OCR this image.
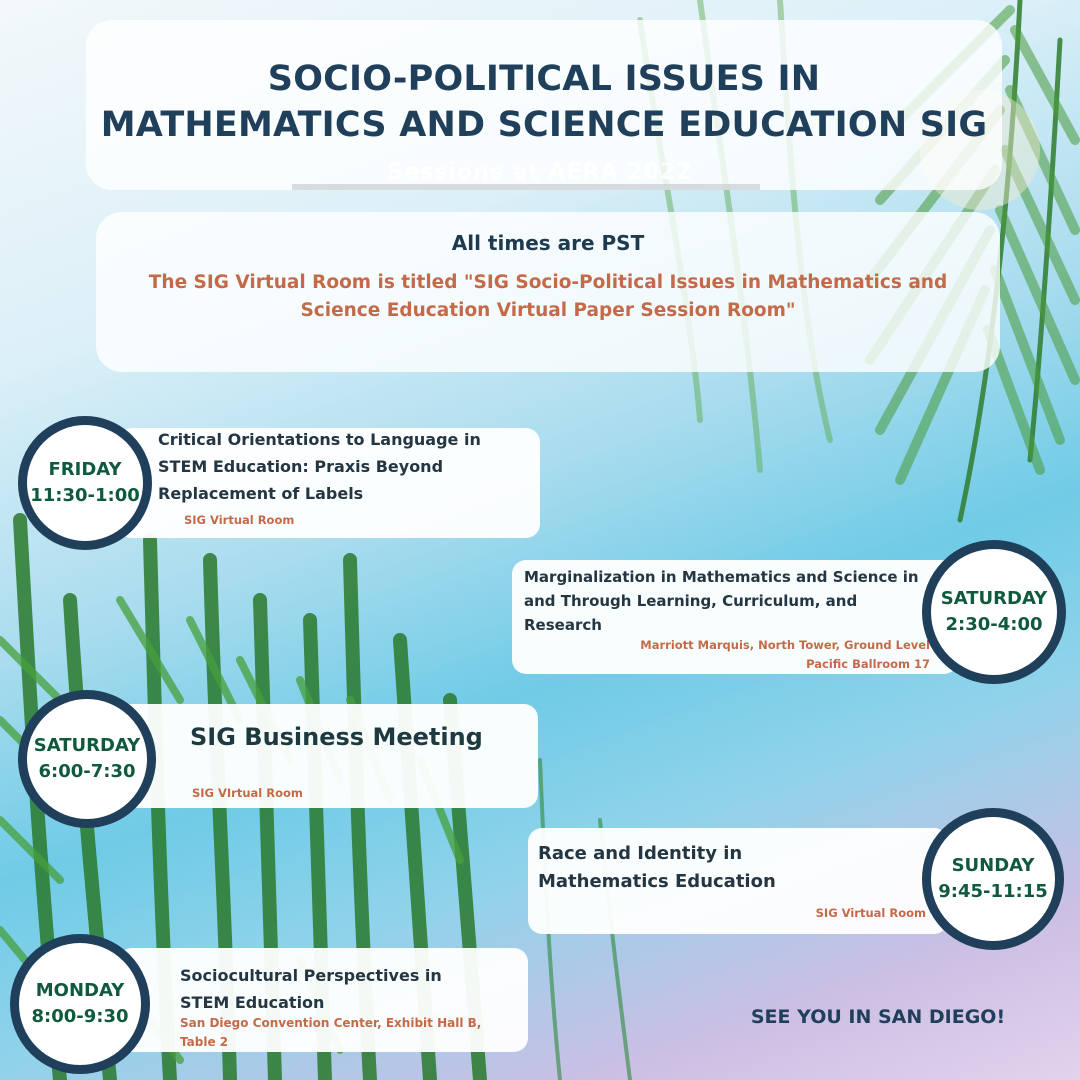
SOCIO-POLITICAL ISSUES IN
MATHEMATICS AND SCIENCE EDUCATION SIG
Sessions at AERA 2022
All times are PST
The SIG Virtual Room is titled "SIG Socio-Political Issues in Mathematics and Science Education Virtual Paper Session Room"
Critical Orientations to Language in STEM Education: Praxis Beyond Replacement of Labels
SIG Virtual Room
FRIDAY
11:30-1:00
Marginalization in Mathematics and Science in and Through Learning, Curriculum, and Research
Marriott Marquis, North Tower, Ground Level Pacific Ballroom 17
SATURDAY
2:30-4:00
SIG Business Meeting
SIG VIrtual Room
SATURDAY
6:00-7:30
Race and Identity in Mathematics Education
SIG Virtual Room
SUNDAY
9:45-11:15
Sociocultural Perspectives in STEM Education
San Diego Convention Center, Exhibit Hall B, Table 2
MONDAY
8:00-9:30	SEE YOU IN SAN DIEGO!
